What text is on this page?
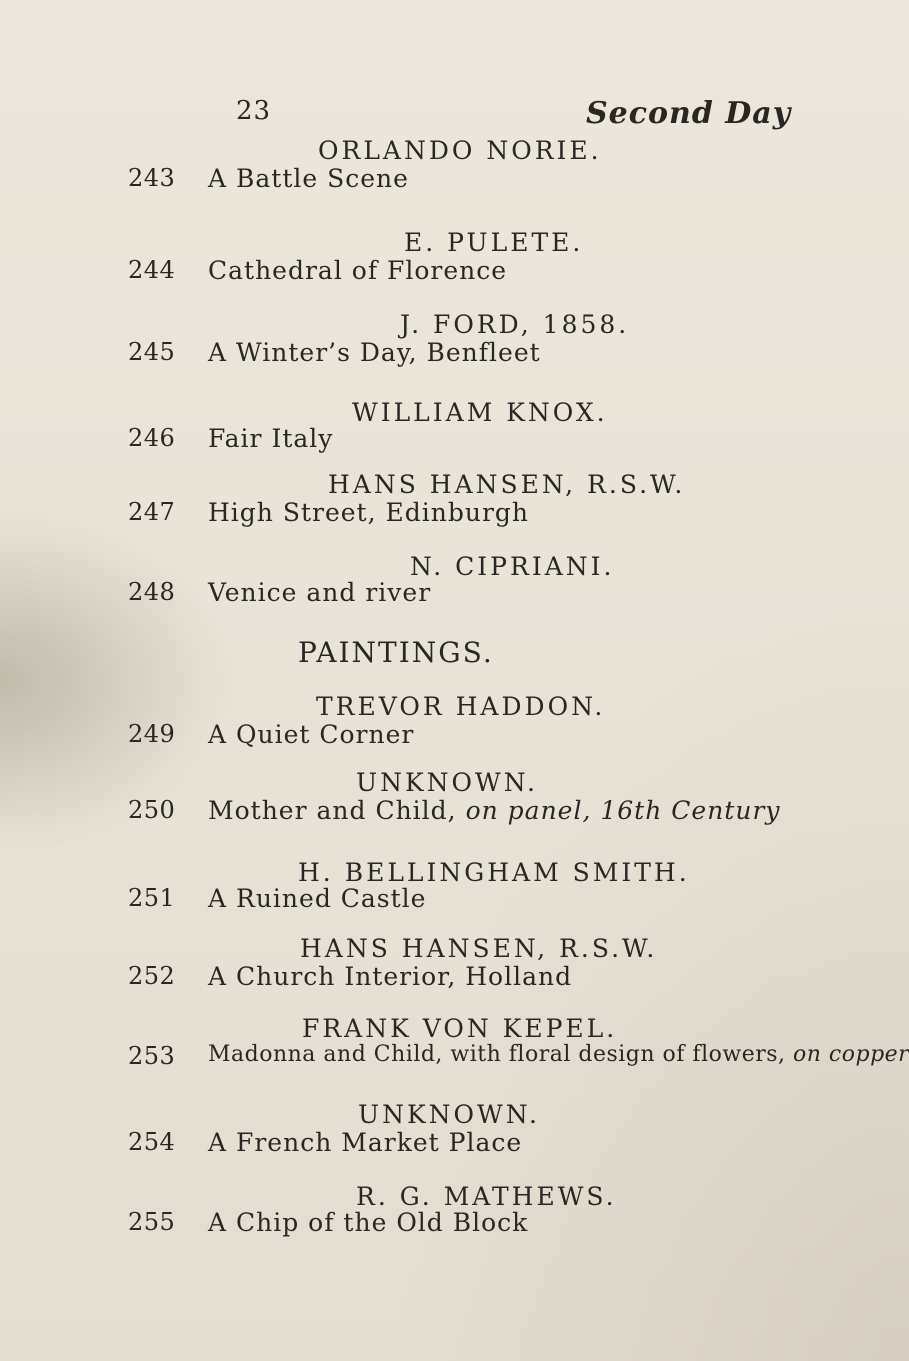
23	Second Day
ORLANDO NORIE.
243 A Battle Scene
E. PULETE.
244 Cathedral of Florence
J. FORD, 1858.
245 A Winter’s Day, Benfleet
WILLIAM KNOX.
246 Fair Italy
HANS HANSEN, R.S.W.
247 High Street, Edinburgh
N. CIPRIANI.
248 Venice and river
PAINTINGS.
TREVOR HADDON.
249 A Quiet Corner
UNKNOWN.
250 Mother and Child, on panel, 16th Century
H. BELLINGHAM SMITH.
251 A Ruined Castle
HANS HANSEN, R.S.W.
252 A Church Interior, Holland
FRANK VON KEPEL.
253 Madonna and Child, with floral design of flowers, on copper
UNKNOWN.
254 A French Market Place
R. G. MATHEWS.
255 A Chip of the Old Block
